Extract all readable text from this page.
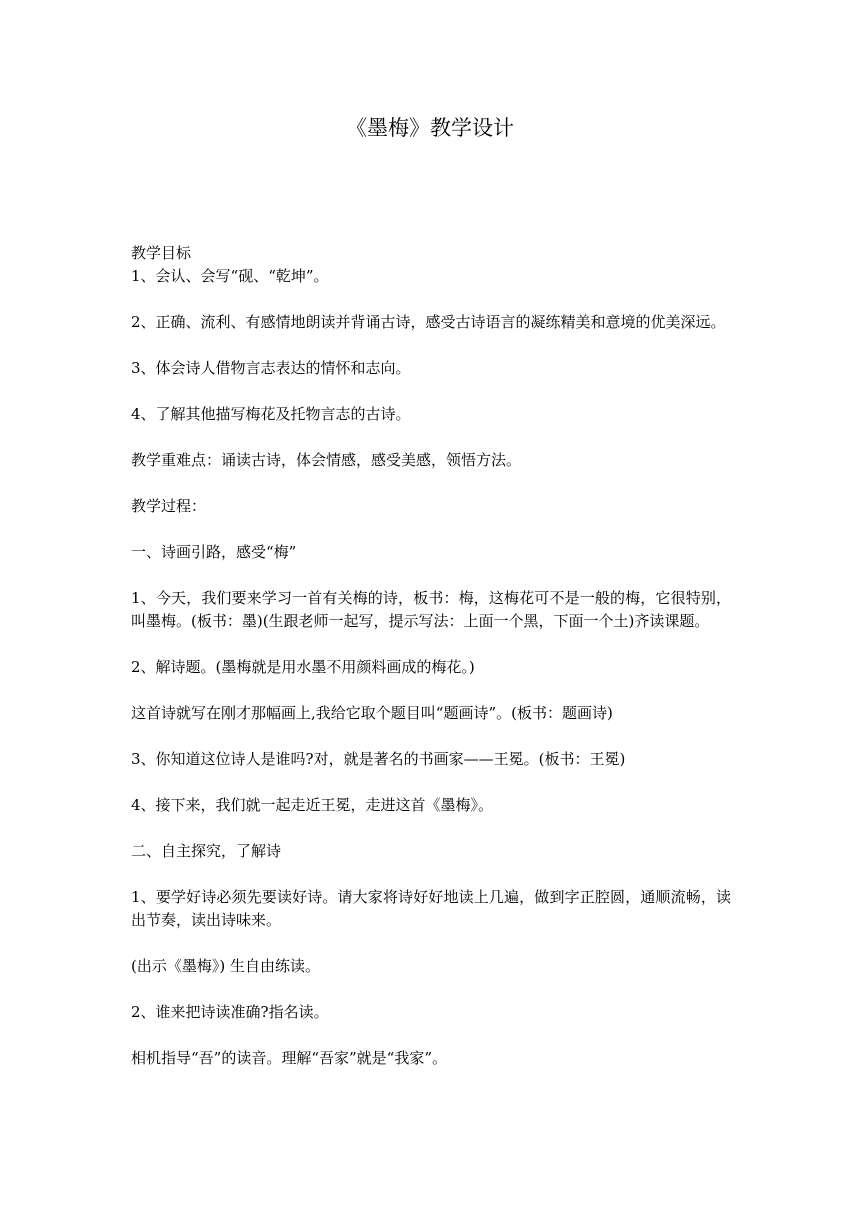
《墨梅》教学设计

教学目标

1、会认、会写“砚、“乾坤”。

2、正确、流利、有感情地朗读并背诵古诗，感受古诗语言的凝练精美和意境的优美深远。

3、体会诗人借物言志表达的情怀和志向。

4、了解其他描写梅花及托物言志的古诗。

教学重难点：诵读古诗，体会情感，感受美感，领悟方法。

教学过程：

一、诗画引路，感受“梅”

1、今天，我们要来学习一首有关梅的诗，板书：梅，这梅花可不是一般的梅，它很特别，叫墨梅。(板书：墨)(生跟老师一起写，提示写法：上面一个黑，下面一个土)齐读课题。

2、解诗题。(墨梅就是用水墨不用颜料画成的梅花。)

这首诗就写在刚才那幅画上,我给它取个题目叫“题画诗”。(板书：题画诗)

3、你知道这位诗人是谁吗?对，就是著名的书画家——王冕。(板书：王冕)

4、接下来，我们就一起走近王冕，走进这首《墨梅》。

二、自主探究，了解诗

1、要学好诗必须先要读好诗。请大家将诗好好地读上几遍，做到字正腔圆，通顺流畅，读出节奏，读出诗味来。

(出示《墨梅》) 生自由练读。

2、谁来把诗读准确?指名读。

相机指导“吾”的读音。理解“吾家”就是“我家”。
